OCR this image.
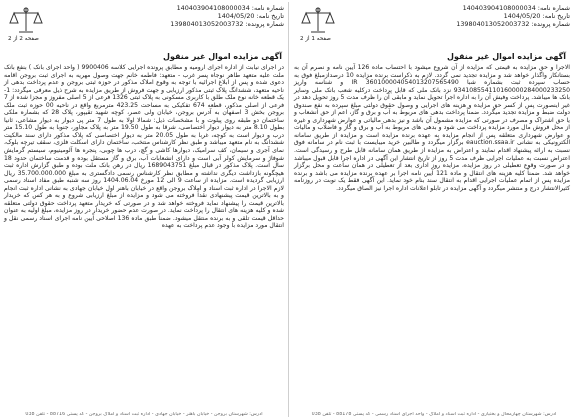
شماره نامه: 140403904108000034
تاریخ نامه: 1404/05/20
شماره پرونده: 139804013052003732
صفحه 1 از 2
آگهی مزایده اموال غیر منقول
الاجرا و حق مزایده به قیمتی که مزایده از آن شروع میشود با احتساب ماده 126 آیین نامه و نصرم آن به بستانکار واگذار خواهد شد و مزایده تجدید نمی گردد. لازم به ذکراست برنده مزایده 10 درصدازمبلغ فوق به حساب سپرده ثبت بشماره شبا IR 360100004054013207565490 و شناسه واریز 934108554110160000284000233250 نزد بانک ملی که قابل پرداخت درکلیه شعب بانک ملی وسایر بانک ها میباشد. پرداخت وفیش آن را به اداره اجرا تحویل نماید و مابقی آن را ظرف مدت 5 روز تحویل دهد در غیر اینصورت پس از کسر حق مزایده و هزینه های اجرایی و وصول حقوق دولتی مبلغ سپرده به نفع صندوق دولت ضبط و مزایده تجدید میگردد. ضمناً پرداخت بدهی های مربوط به آب و برق و گاز، اعم از حق انشعاب و یا حق اشتراک و مصرف در صورتی که مزایده مشمول آن باشد و نیز بدهی مالیاتی و عوارض شهرداری و غیره از محل فروش مال مورد مزایده پرداخت می شود و بدهی های مربوط به آب و برق و گاز و فاضلاب و مالیات و عوارض شهرداری متعلقه پس از انجام مزایده به عهده برنده مزایده است و مزایده از طریق سامانه الکترونیکی به نشانی eauction.ssaa.ir برگزار میگردد و طالبین خرید میبایست با ثبت نام در سامانه فوق نسبت به ارائه پیشنهاد اقدام نمایند و اعتراض به مزایده از طریق همان سامانه قابل طرح و رسیدگی است. اعتراض نسبت به عملیات اجرایی ظرف مدت 5 روز از تاریخ انتشار این آگهی در اداره اجرا قابل قبول میباشد و در صورت وقوع تعطیلی در روز مزایده، مزایده روز اداری بعد از تعطیلی در همان ساعت و محل برگزار خواهد شد. ضمناً کلیه هزینه های انتقال و ماده 121 آیین نامه اجرا بر عهده برنده مزایده می باشد و برنده مزایده پس از اتمام عملیات اجرایی اقدام به انتقال سند بنام خود نماید. این آگهی فقط یک نوبت در روزنامه کثیرالانتشار درج و منتشر میگردد و آگهی مزایده در تابلو اعلانات اداره اجرا نیز الصاق میگردد.
آدرس: شهرستان چهارمحال و بختیاری - اداره ثبت اسناد و املاک - واحد اجرای اسناد رسمی - کد پستی 88178 - تلفن 038
شماره نامه: 140403904108000034
تاریخ نامه: 1404/05/20
شماره پرونده: 139804013052003732
صفحه 2 از 2
آگهی مزایده اموال غیر منقول
در اجرای نیابت از اداره اجرای ارومیه و مطابق پرونده اجرایی کلاسه 9900406 ( واحد اجرای بانک ) بنفع بانک ملت علیه متعهد طاهر نوجاه پسر غرب - متعهد: فاطمه خانم جهت وصول مهریه به اجرای ثبت بروجن اقامه دعوی شده و پس از ابلاغ اجرائیه با توجه به وقوع املاک مذکور در حوزه ثبتی بروجن و عدم پرداخت بدهی از ناحیه متعهد، ششدانگ پلاک ثبتی مذکور ارزیابی و جهت فروش از طریق مزایده به شرح ذیل معرفی میگردد: 1- یک قطعه خانه نوع ملک طلق با کاربری مسکونی به پلاک ثبتی 1326 فرعی از 5 اصلی مفروز و مجزا شده از 7 فرعی از اصلی مذکور، قطعه 674 تفکیکی به مساحت 423.25 مترمربع واقع در ناحیه 00 حوزه ثبت ملک بروجن بخش 3 اصفهان به آدرس بروجن، خیابان ولی عصر، کوچه شهید تقیپور، پلاک 28 که بشماره ملکی ساختمان دو طبقه روی پیلوت و با مشخصات ذیل: شمالا اولا به طول 7 متر پی دیوار به دیوار مشاعی، ثانیا بطول 8.10 متر به دیوار دیوار اختصاصی، شرقا به طول 19.50 متر به پلاک مجاور، جنوبا به طول 15.10 متر درب و دیوار است به کوچه، غربا به طول 20.05 متر به دیوار اختصاصی که پلاک مذکور دارای سند مالکیت ششدانگ به نام متعهد میباشد و طبق نظر کارشناس منتخب، ساختمان دارای اسکلت فلزی، سقف تیرچه بلوک، نمای آجری و سیمان، کف سرامیک، دیوارها کاشی و گچ، درب ها چوبی، پنجره ها آلومینیوم، سیستم گرمایش شوفاژ و سرمایش کولر آبی است و دارای انشعابات آب، برق و گاز مستقل بوده و قدمت ساختمان حدود 18 سال است. پلاک مذکور در قبال مبلغ 1689043751 ریال در رهن بانک ملت بوده و طبق گزارش اداره ثبت هیچگونه بازداشت دیگری نداشته و مطابق نظر کارشناس رسمی دادگستری به مبلغ 35.700.000.000 ریال ارزیابی گردیده است. مزایده از ساعت 9 الی 12 مورخ 1404.06.04 روز سه شنبه طبق مفاد اسناد رسمی لازم الاجرا در اداره ثبت اسناد و املاک بروجن واقع در خیابان باهنر اول خیابان جهادی به نشانی اداره ثبت انجام و به بالاترین قیمت پیشنهادی نقداً فروخته می شود و مزایده از مبلغ ارزیابی شروع و به هر کس که خریدار بالاترین قیمت را پیشنهاد نماید فروخته خواهد شد و در صورتی که خریدار متعهد پرداخت حقوق دولتی متعلقه شده و کلیه هزینه های انتقال را پرداخت نماید. در صورت عدم حضور خریدار در روز مزایده، مبلغ اولیه به عنوان حداقل قیمت تلقی و به برنده منتقل میشود. ضمناً طبق ماده 136 اصلاحی آیین نامه اجرای اسناد رسمی نقل و انتقال مورد مزایده با وجود عدم پرداخت به عهده
آدرس: شهرستان بروجن - خیابان باهنر - خیابان جهادی - اداره ثبت اسناد و املاک بروجن - کد پستی 88716 - تلفن 038
